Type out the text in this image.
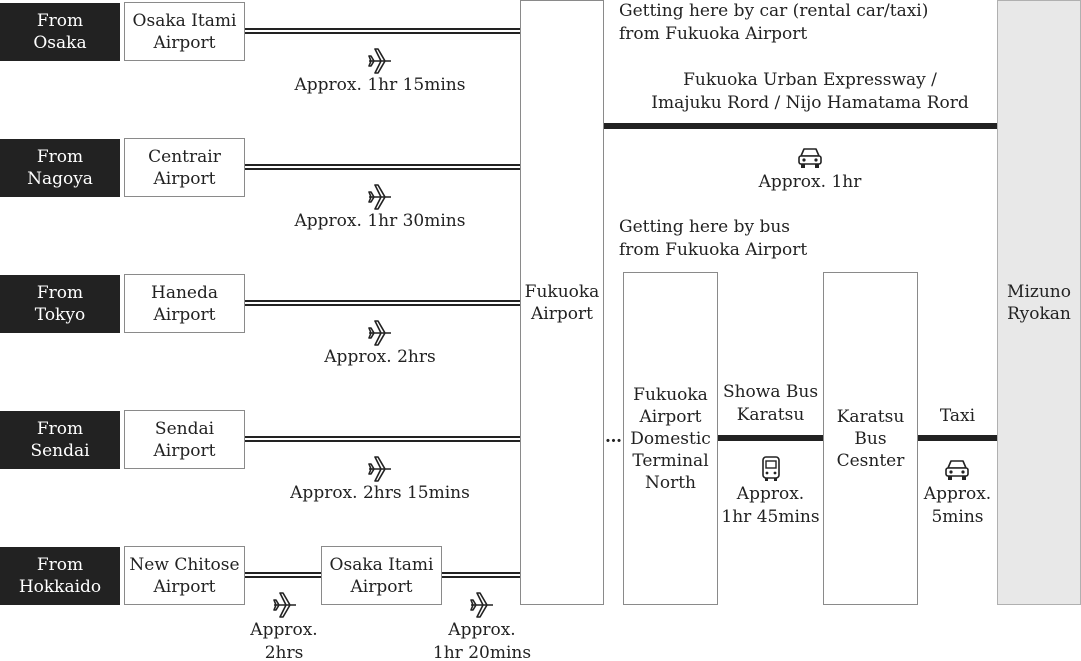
From
Osaka
Osaka Itami
Airport
Approx. 1hr 15mins
From
Nagoya
Centrair
Airport
Approx. 1hr 30mins
From
Tokyo
Haneda
Airport
Approx. 2hrs
From
Sendai
Sendai
Airport
Approx. 2hrs 15mins
From
Hokkaido
New Chitose
Airport
Osaka Itami
Airport
Approx.
2hrs
Approx.
1hr 20mins
Fukuoka
Airport
Getting here by car (rental car/taxi)
from Fukuoka Airport
Fukuoka Urban Expressway /
Imajuku Rord / Nijo Hamatama Rord
Approx. 1hr
Getting here by bus
from Fukuoka Airport
…
Fukuoka
Airport
Domestic
Terminal
North
Showa Bus
Karatsu
Approx.
1hr 45mins
Karatsu
Bus
Cesnter
Taxi
Approx.
5mins
Mizuno
Ryokan
